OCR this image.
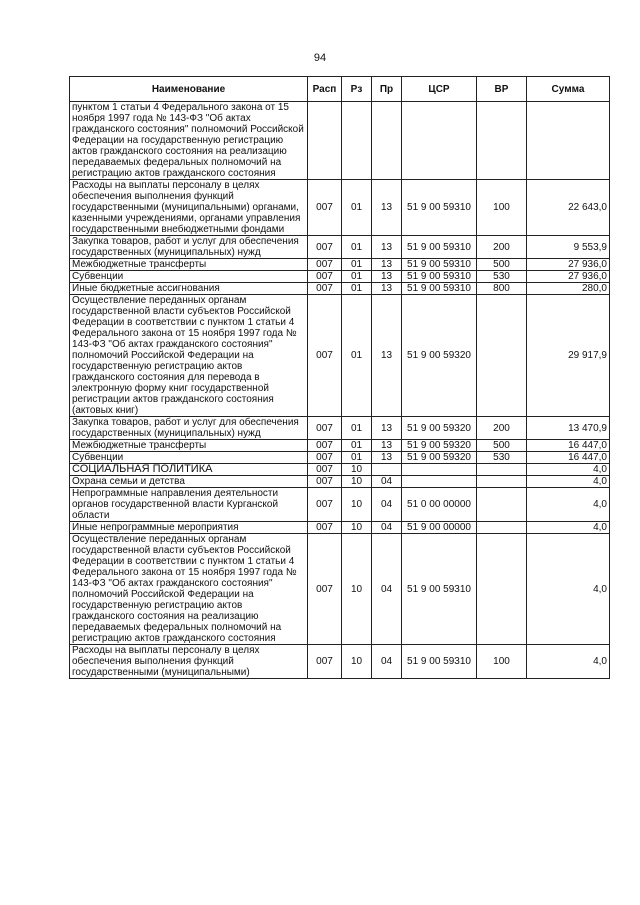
94
Наименование	Расп	Рз	Пр	ЦСР	ВР	Сумма
пунктом 1 статьи 4 Федерального закона от 15 ноября 1997 года № 143-ФЗ "Об актах гражданского состояния" полномочий Российской Федерации на государственную регистрацию актов гражданского состояния на реализацию передаваемых федеральных полномочий на регистрацию актов гражданского состояния						
Расходы на выплаты персоналу в целях обеспечения выполнения функций государственными (муниципальными) органами, казенными учреждениями, органами управления государственными внебюджетными фондами	007	01	13	51 9 00 59310	100	22 643,0
Закупка товаров, работ и услуг для обеспечения государственных (муниципальных) нужд	007	01	13	51 9 00 59310	200	9 553,9
Межбюджетные трансферты	007	01	13	51 9 00 59310	500	27 936,0
Субвенции	007	01	13	51 9 00 59310	530	27 936,0
Иные бюджетные ассигнования	007	01	13	51 9 00 59310	800	280,0
Осуществление переданных органам государственной власти субъектов Российской Федерации в соответствии с пунктом 1 статьи 4 Федерального закона от 15 ноября 1997 года № 143-ФЗ "Об актах гражданского состояния" полномочий Российской Федерации на государственную регистрацию актов гражданского состояния для перевода в электронную форму книг государственной регистрации актов гражданского состояния (актовых книг)	007	01	13	51 9 00 59320		29 917,9
Закупка товаров, работ и услуг для обеспечения государственных (муниципальных) нужд	007	01	13	51 9 00 59320	200	13 470,9
Межбюджетные трансферты	007	01	13	51 9 00 59320	500	16 447,0
Субвенции	007	01	13	51 9 00 59320	530	16 447,0
СОЦИАЛЬНАЯ ПОЛИТИКА	007	10				4,0
Охрана семьи и детства	007	10	04			4,0
Непрограммные направления деятельности органов государственной власти Курганской области	007	10	04	51 0 00 00000		4,0
Иные непрограммные мероприятия	007	10	04	51 9 00 00000		4,0
Осуществление переданных органам государственной власти субъектов Российской Федерации в соответствии с пунктом 1 статьи 4 Федерального закона от 15 ноября 1997 года № 143-ФЗ "Об актах гражданского состояния" полномочий Российской Федерации на государственную регистрацию актов гражданского состояния на реализацию передаваемых федеральных полномочий на регистрацию актов гражданского состояния	007	10	04	51 9 00 59310		4,0
Расходы на выплаты персоналу в целях обеспечения выполнения функций государственными (муниципальными)	007	10	04	51 9 00 59310	100	4,0
